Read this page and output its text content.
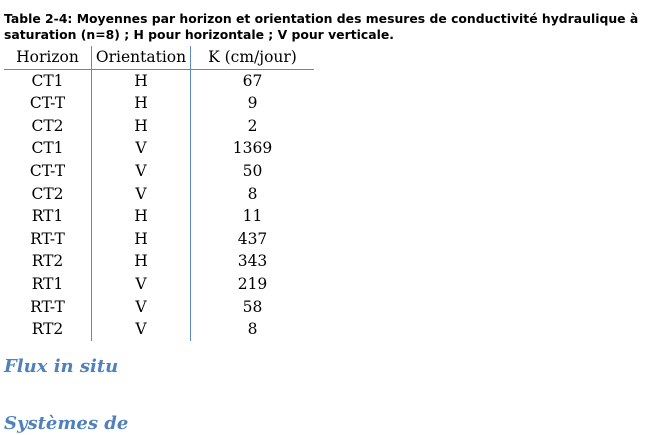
Table 2-4: Moyennes par horizon et orientation des mesures de conductivité hydraulique à saturation (n=8) ; H pour horizontale ; V pour verticale.
Horizon	Orientation	K (cm/jour)
CT1	H	67
CT-T	H	9
CT2	H	2
CT1	V	1369
CT-T	V	50
CT2	V	8
RT1	H	11
RT-T	H	437
RT2	H	343
RT1	V	219
RT-T	V	58
RT2	V	8
Flux in situ
Systèmes de
